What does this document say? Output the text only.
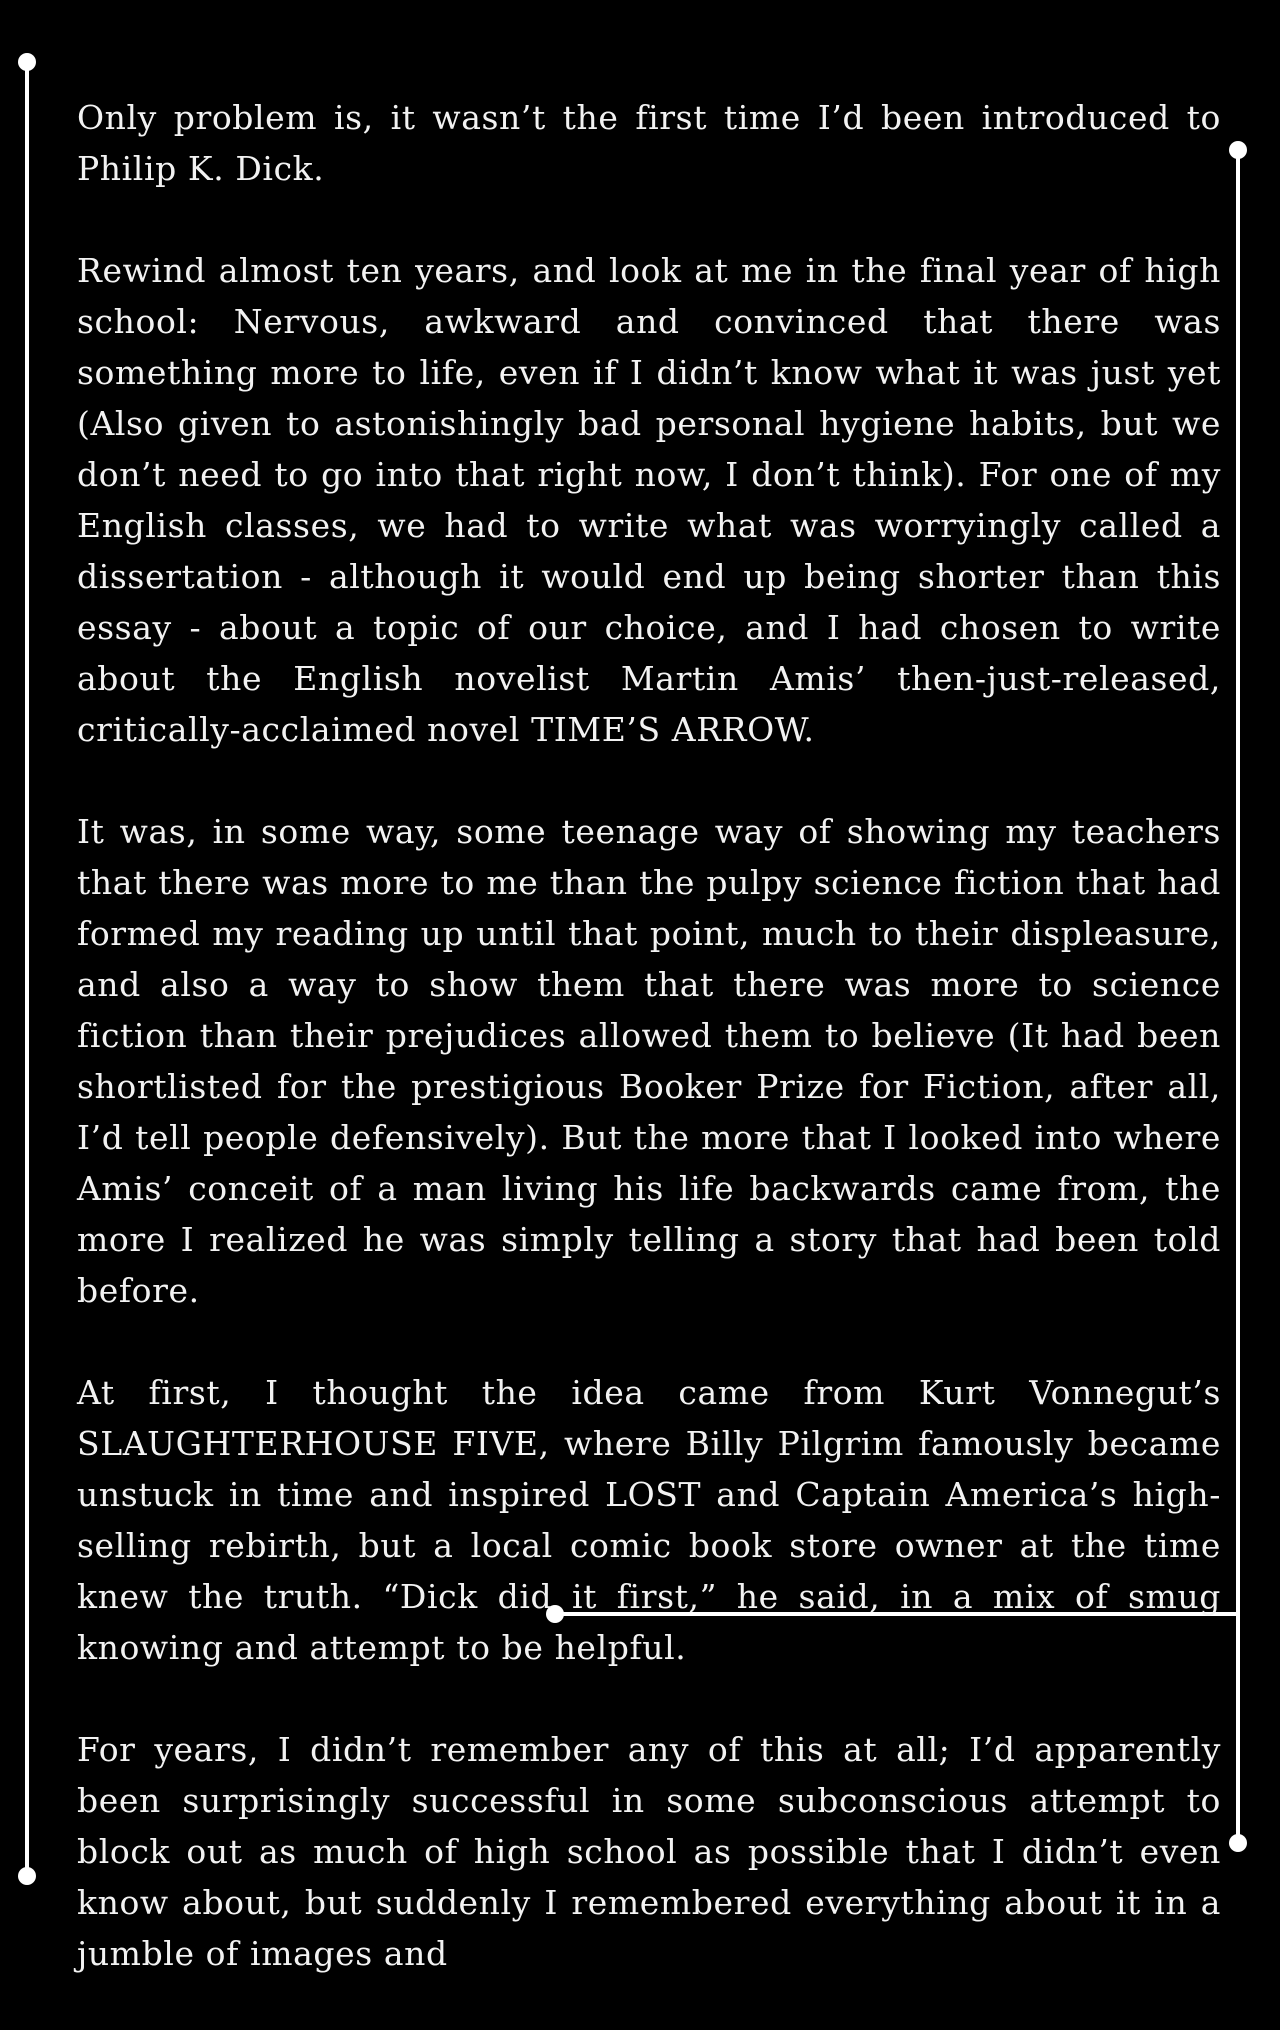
Only problem is, it wasn’t the first time I’d been introduced to Philip K. Dick.

Rewind almost ten years, and look at me in the final year of high school: Nervous, awkward and convinced that there was something more to life, even if I didn’t know what it was just yet (Also given to astonishingly bad personal hygiene habits, but we don’t need to go into that right now, I don’t think). For one of my English classes, we had to write what was worryingly called a dissertation - although it would end up being shorter than this essay - about a topic of our choice, and I had chosen to write about the English novelist Martin Amis’ then-just-released, critically-acclaimed novel TIME’S ARROW.

It was, in some way, some teenage way of showing my teachers that there was more to me than the pulpy science fiction that had formed my reading up until that point, much to their displeasure, and also a way to show them that there was more to science fiction than their prejudices allowed them to believe (It had been shortlisted for the prestigious Booker Prize for Fiction, after all, I’d tell people defensively). But the more that I looked into where Amis’ conceit of a man living his life backwards came from, the more I realized he was simply telling a story that had been told before.

At first, I thought the idea came from Kurt Vonnegut’s SLAUGHTERHOUSE FIVE, where Billy Pilgrim famously became unstuck in time and inspired LOST and Captain America’s high-selling rebirth, but a local comic book store owner at the time knew the truth. “Dick did it first,” he said, in a mix of smug knowing and attempt to be helpful.

For years, I didn’t remember any of this at all; I’d apparently been surprisingly successful in some subconscious attempt to block out as much of high school as possible that I didn’t even know about, but suddenly I remembered everything about it in a jumble of images and
